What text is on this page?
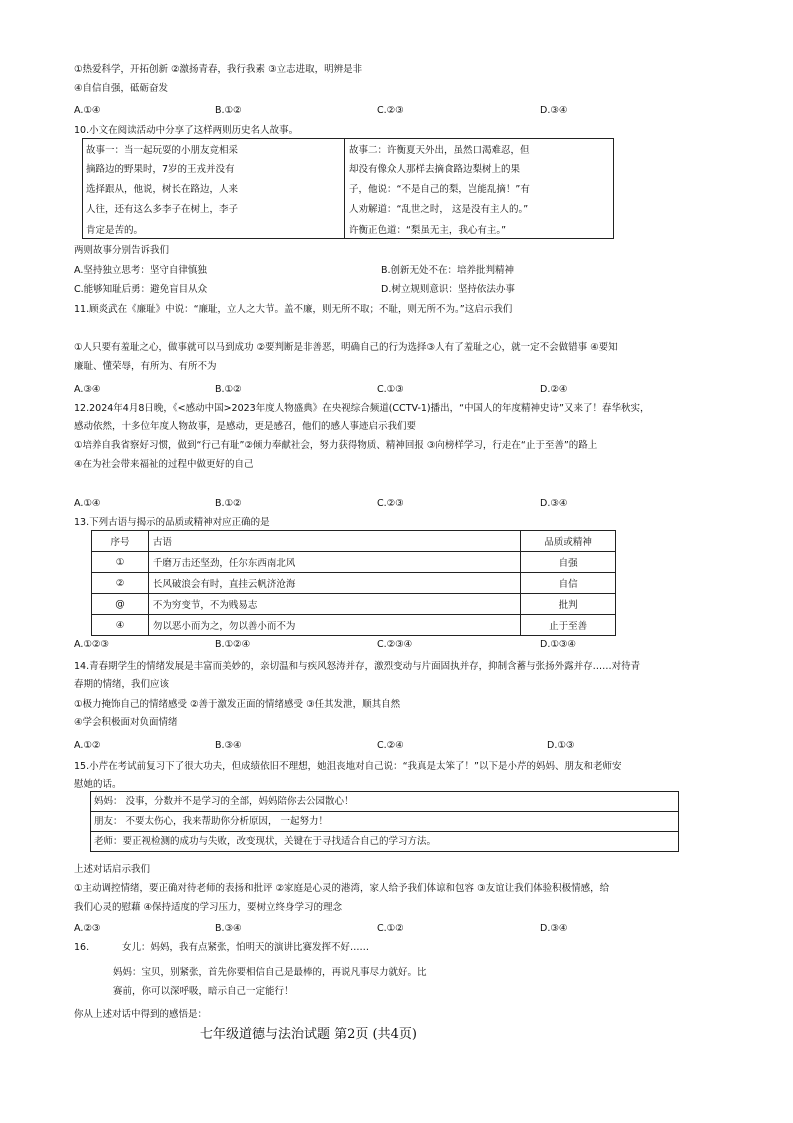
①热爱科学，开拓创新 ②激扬青春，我行我素 ③立志进取，明辨是非
④自信自强，砥砺奋发
A.①④	B.①②	C.②③	D.③④
10.小文在阅读活动中分享了这样两则历史名人故事。
故事一：当一起玩耍的小朋友竞相采
摘路边的野果时，7岁的王戎并没有
选择跟从，他说，树长在路边，人来
人往，还有这么多李子在树上，李子
肯定是苦的。
故事二：许衡夏天外出，虽然口渴难忍，但
却没有像众人那样去摘食路边梨树上的果
子，他说：“不是自己的梨，岂能乱摘！”有
人劝解道：“乱世之时， 这是没有主人的。”
许衡正色道：“梨虽无主，我心有主。”
两则故事分别告诉我们
A.坚持独立思考：坚守自律慎独	B.创新无处不在：培养批判精神
C.能够知耻后勇：避免盲目从众	D.树立规则意识：坚持依法办事
11.顾炎武在《廉耻》中说：“廉耻，立人之大节。盖不廉，则无所不取；不耻，则无所不为。”这启示我们
①人只要有羞耻之心，做事就可以马到成功 ②要判断是非善恶，明确自己的行为选择③人有了羞耻之心，就一定不会做错事 ④要知
廉耻、懂荣辱，有所为、有所不为
A.③④	B.①②	C.①③	D.②④
12.2024年4月8日晚，《<感动中国>2023年度人物盛典》在央视综合频道(CCTV-1)播出，“中国人的年度精神史诗”又来了！春华秋实，
感动依然，十多位年度人物故事，是感动，更是感召，他们的感人事迹启示我们要
①培养自我省察好习惯，做到“行己有耻”②倾力奉献社会，努力获得物质、精神回报 ③向榜样学习，行走在“止于至善”的路上
④在为社会带来福祉的过程中做更好的自己
A.①④	B.①②	C.②③	D.③④
13.下列古语与揭示的品质或精神对应正确的是
序号	古语	品质或精神
①	千磨万击还坚劲，任尔东西南北风	自强
②	长风破浪会有时，直挂云帆济沧海	自信
@	不为穷变节，不为贱易志	批判
④	勿以恶小而为之，勿以善小而不为	止于至善
A.①②③	B.①②④	C.②③④	D.①③④
14.青春期学生的情绪发展是丰富而美妙的，亲切温和与疾风怒涛并存，激烈变动与片面固执并存，抑制含蓄与张扬外露并存……对待青
春期的情绪，我们应该
①极力掩饰自己的情绪感受 ②善于激发正面的情绪感受 ③任其发泄，顺其自然
④学会积极面对负面情绪
A.①②	B.③④	C.②④	D.①③
15.小芹在考试前复习下了很大功夫，但成绩依旧不理想，她沮丧地对自己说：“我真是太笨了！”以下是小芹的妈妈、朋友和老师安
慰她的话。
妈妈： 没事，分数并不是学习的全部，妈妈陪你去公园散心！
朋友： 不要太伤心，我来帮助你分析原因， 一起努力！
老师：要正视检测的成功与失败，改变现状，关键在于寻找适合自己的学习方法。
上述对话启示我们
①主动调控情绪，要正确对待老师的表扬和批评 ②家庭是心灵的港湾，家人给予我们体谅和包容 ③友谊让我们体验积极情感，给
我们心灵的慰藉 ④保持适度的学习压力，要树立终身学习的理念
A.②③	B.③④	C.①②	D.③④
16.	女儿：妈妈，我有点紧张，怕明天的演讲比赛发挥不好……
妈妈：宝贝，别紧张，首先你要相信自己是最棒的，再说凡事尽力就好。比
赛前，你可以深呼吸，暗示自己一定能行！
你从上述对话中得到的感悟是：
七年级道德与法治试题 第2页 (共4页)
